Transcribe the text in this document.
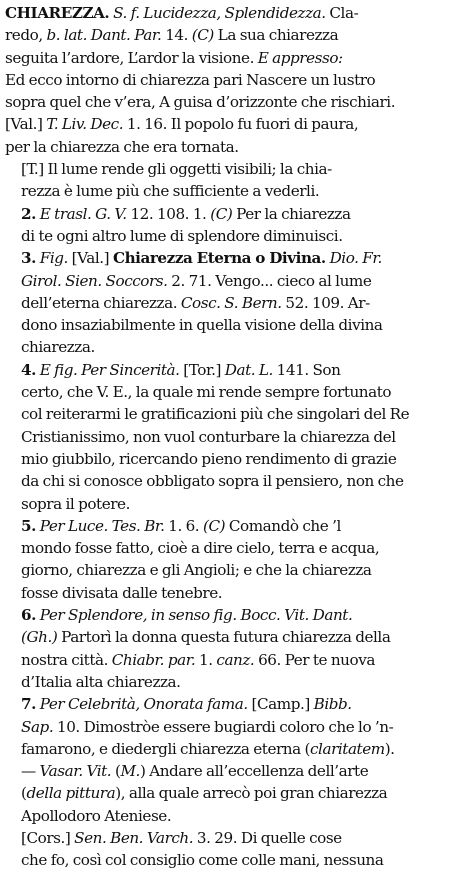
CHIAREZZA. S. f. Lucidezza, Splendidezza. Cla-
redo, b. lat. Dant. Par. 14. (C) La sua chiarezza
seguita l’ardore, L’ardor la visione. E appresso:
Ed ecco intorno di chiarezza pari Nascere un lustro
sopra quel che v’era, A guisa d’orizzonte che rischiari.
[Val.] T. Liv. Dec. 1. 16. Il popolo fu fuori di paura,
per la chiarezza che era tornata.
[T.] Il lume rende gli oggetti visibili; la chia-
rezza è lume più che sufficiente a vederli.
2. E trasl. G. V. 12. 108. 1. (C) Per la chiarezza
di te ogni altro lume di splendore diminuisci.
3. Fig. [Val.] Chiarezza Eterna o Divina. Dio. Fr.
Girol. Sien. Soccors. 2. 71. Vengo... cieco al lume
dell’eterna chiarezza. Cosc. S. Bern. 52. 109. Ar-
dono insaziabilmente in quella visione della divina
chiarezza.
4. E fig. Per Sincerità. [Tor.] Dat. L. 141. Son
certo, che V. E., la quale mi rende sempre fortunato
col reiterarmi le gratificazioni più che singolari del Re
Cristianissimo, non vuol conturbare la chiarezza del
mio giubbilo, ricercando pieno rendimento di grazie
da chi si conosce obbligato sopra il pensiero, non che
sopra il potere.
5. Per Luce. Tes. Br. 1. 6. (C) Comandò che ’l
mondo fosse fatto, cioè a dire cielo, terra e acqua,
giorno, chiarezza e gli Angioli; e che la chiarezza
fosse divisata dalle tenebre.
6. Per Splendore, in senso fig. Bocc. Vit. Dant.
(Gh.) Partorì la donna questa futura chiarezza della
nostra città. Chiabr. par. 1. canz. 66. Per te nuova
d’Italia alta chiarezza.
7. Per Celebrità, Onorata fama. [Camp.] Bibb.
Sap. 10. Dimostròe essere bugiardi coloro che lo ’n-
famarono, e diedergli chiarezza eterna (claritatem).
— Vasar. Vit. (M.) Andare all’eccellenza dell’arte
(della pittura), alla quale arrecò poi gran chiarezza
Apollodoro Ateniese.
[Cors.] Sen. Ben. Varch. 3. 29. Di quelle cose
che fo, così col consiglio come colle mani, nessuna
